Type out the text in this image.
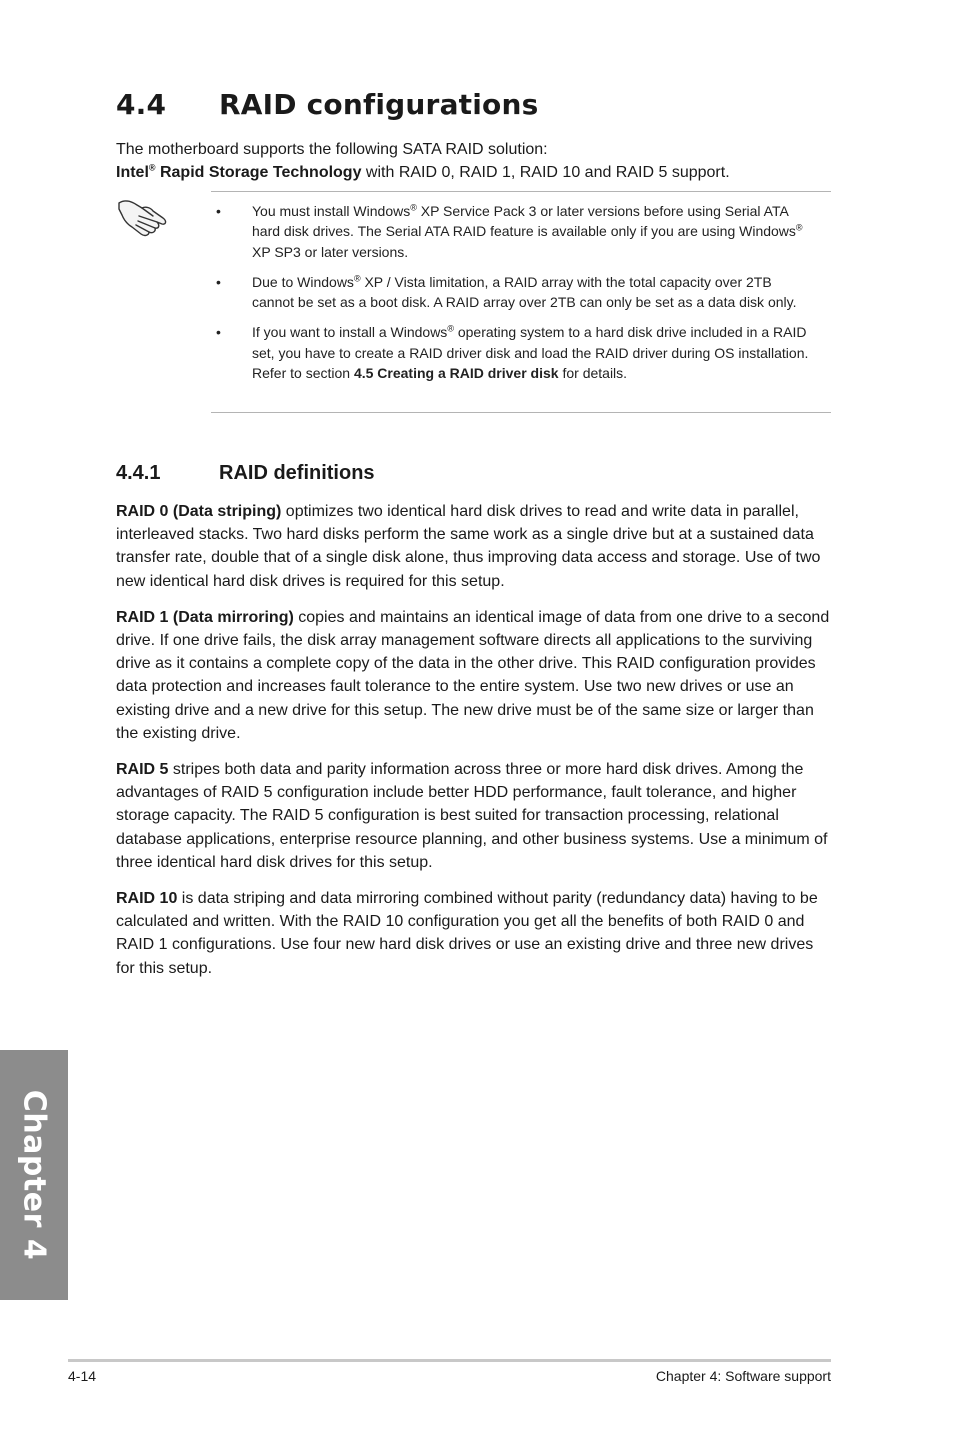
4.4 RAID configurations

The motherboard supports the following SATA RAID solution:

Intel® Rapid Storage Technology with RAID 0, RAID 1, RAID 10 and RAID 5 support.

• You must install Windows® XP Service Pack 3 or later versions before using Serial ATA hard disk drives. The Serial ATA RAID feature is available only if you are using Windows® XP SP3 or later versions.
• Due to Windows® XP / Vista limitation, a RAID array with the total capacity over 2TB cannot be set as a boot disk. A RAID array over 2TB can only be set as a data disk only.
• If you want to install a Windows® operating system to a hard disk drive included in a RAID set, you have to create a RAID driver disk and load the RAID driver during OS installation. Refer to section 4.5 Creating a RAID driver disk for details.
4.4.1	RAID definitions

RAID 0 (Data striping) optimizes two identical hard disk drives to read and write data in parallel, interleaved stacks. Two hard disks perform the same work as a single drive but at a sustained data transfer rate, double that of a single disk alone, thus improving data access and storage. Use of two new identical hard disk drives is required for this setup.

RAID 1 (Data mirroring) copies and maintains an identical image of data from one drive to a second drive. If one drive fails, the disk array management software directs all applications to the surviving drive as it contains a complete copy of the data in the other drive. This RAID configuration provides data protection and increases fault tolerance to the entire system. Use two new drives or use an existing drive and a new drive for this setup. The new drive must be of the same size or larger than the existing drive.

RAID 5 stripes both data and parity information across three or more hard disk drives. Among the advantages of RAID 5 configuration include better HDD performance, fault tolerance, and higher storage capacity. The RAID 5 configuration is best suited for transaction processing, relational database applications, enterprise resource planning, and other business systems. Use a minimum of three identical hard disk drives for this setup.

RAID 10 is data striping and data mirroring combined without parity (redundancy data) having to be calculated and written. With the RAID 10 configuration you get all the benefits of both RAID 0 and RAID 1 configurations. Use four new hard disk drives or use an existing drive and three new drives for this setup.

Chapter 4
4-14	Chapter 4: Software support
